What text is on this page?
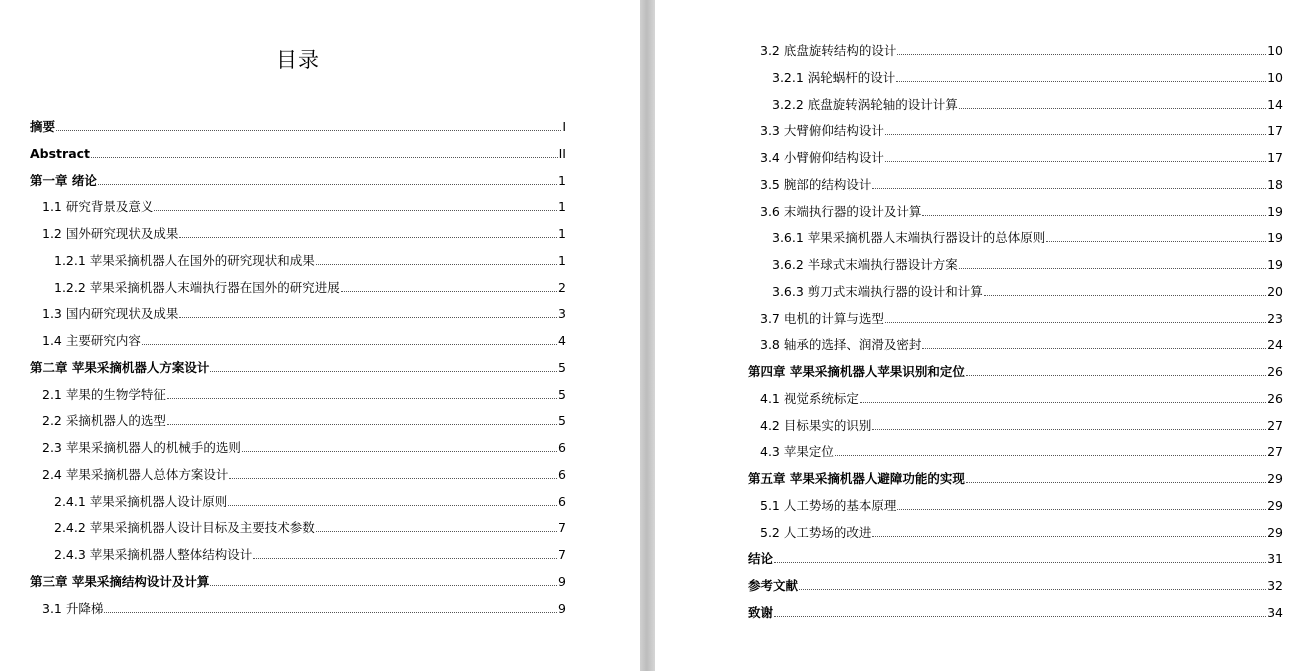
目录
摘要	I
Abstract	II
第一章 绪论	1
1.1 研究背景及意义	1
1.2 国外研究现状及成果	1
1.2.1 苹果采摘机器人在国外的研究现状和成果	1
1.2.2 苹果采摘机器人末端执行器在国外的研究进展	2
1.3 国内研究现状及成果	3
1.4 主要研究内容	4
第二章 苹果采摘机器人方案设计	5
2.1 苹果的生物学特征	5
2.2 采摘机器人的选型	5
2.3 苹果采摘机器人的机械手的选则	6
2.4 苹果采摘机器人总体方案设计	6
2.4.1 苹果采摘机器人设计原则	6
2.4.2 苹果采摘机器人设计目标及主要技术参数	7
2.4.3 苹果采摘机器人整体结构设计	7
第三章 苹果采摘结构设计及计算	9
3.1 升降梯	9
3.2 底盘旋转结构的设计	10
3.2.1 涡轮蜗杆的设计	10
3.2.2 底盘旋转涡轮轴的设计计算	14
3.3 大臂俯仰结构设计	17
3.4 小臂俯仰结构设计	17
3.5 腕部的结构设计	18
3.6 末端执行器的设计及计算	19
3.6.1 苹果采摘机器人末端执行器设计的总体原则	19
3.6.2 半球式末端执行器设计方案	19
3.6.3 剪刀式末端执行器的设计和计算	20
3.7 电机的计算与选型	23
3.8 轴承的选择、润滑及密封	24
第四章 苹果采摘机器人苹果识别和定位	26
4.1 视觉系统标定	26
4.2 目标果实的识别	27
4.3 苹果定位	27
第五章 苹果采摘机器人避障功能的实现	29
5.1 人工势场的基本原理	29
5.2 人工势场的改进	29
结论	31
参考文献	32
致谢	34
